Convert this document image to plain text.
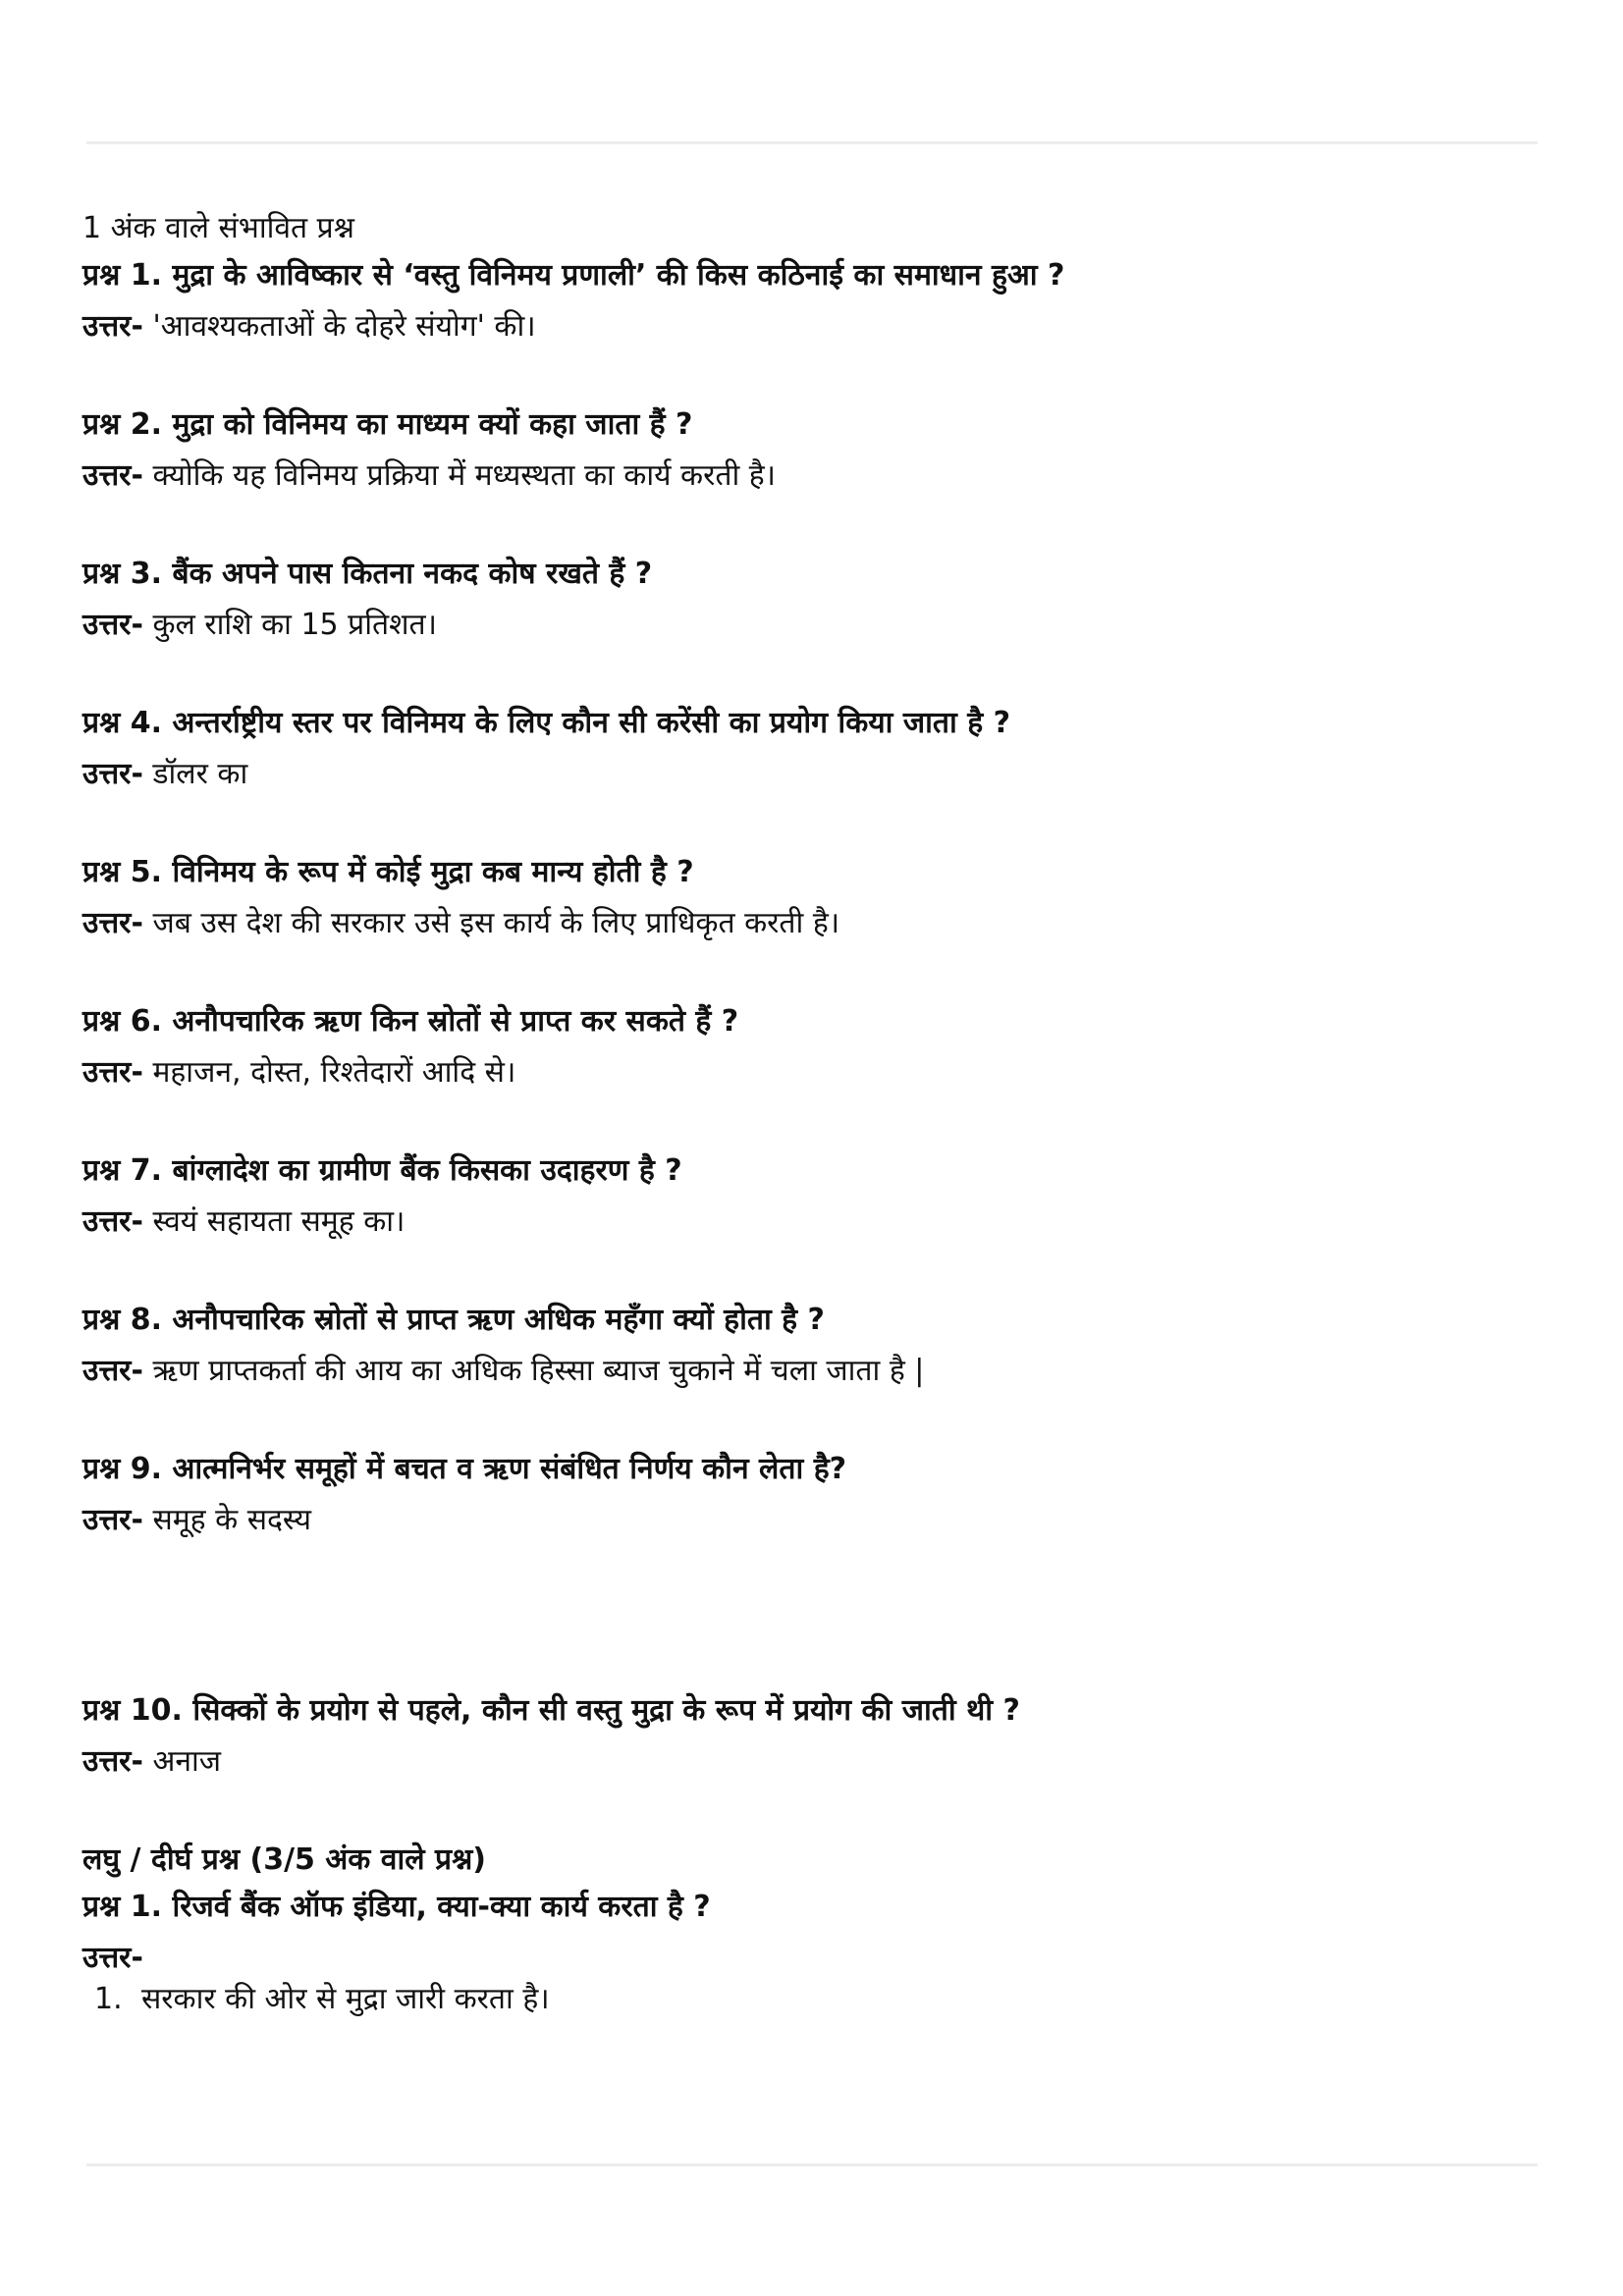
1 अंक वाले संभावित प्रश्न
प्रश्न 1. मुद्रा के आविष्कार से ‘वस्तु विनिमय प्रणाली’ की किस कठिनाई का समाधान हुआ ?
उत्तर- 'आवश्यकताओं के दोहरे संयोग' की।
प्रश्न 2. मुद्रा को विनिमय का माध्यम क्यों कहा जाता हैं ?
उत्तर- क्योकि यह विनिमय प्रक्रिया में मध्यस्थता का कार्य करती है।
प्रश्न 3. बैंक अपने पास कितना नकद कोष रखते हैं ?
उत्तर- कुल राशि का 15 प्रतिशत।
प्रश्न 4. अन्तर्राष्ट्रीय स्तर पर विनिमय के लिए कौन सी करेंसी का प्रयोग किया जाता है ?
उत्तर- डॉलर का
प्रश्न 5. विनिमय के रूप में कोई मुद्रा कब मान्य होती है ?
उत्तर- जब उस देश की सरकार उसे इस कार्य के लिए प्राधिकृत करती है।
प्रश्न 6. अनौपचारिक ऋण किन स्रोतों से प्राप्त कर सकते हैं ?
उत्तर- महाजन, दोस्त, रिश्तेदारों आदि से।
प्रश्न 7. बांग्लादेश का ग्रामीण बैंक किसका उदाहरण है ?
उत्तर- स्वयं सहायता समूह का।
प्रश्न 8. अनौपचारिक स्रोतों से प्राप्त ऋण अधिक महँगा क्यों होता है ?
उत्तर- ऋण प्राप्तकर्ता की आय का अधिक हिस्सा ब्याज चुकाने में चला जाता है |
प्रश्न 9. आत्मनिर्भर समूहों में बचत व ऋण संबंधित निर्णय कौन लेता है?
उत्तर- समूह के सदस्य
प्रश्न 10. सिक्कों के प्रयोग से पहले, कौन सी वस्तु मुद्रा के रूप में प्रयोग की जाती थी ?
उत्तर- अनाज
लघु / दीर्घ प्रश्न (3/5 अंक वाले प्रश्न)
प्रश्न 1. रिजर्व बैंक ऑफ इंडिया, क्या-क्या कार्य करता है ?
उत्तर-
1. सरकार की ओर से मुद्रा जारी करता है।
